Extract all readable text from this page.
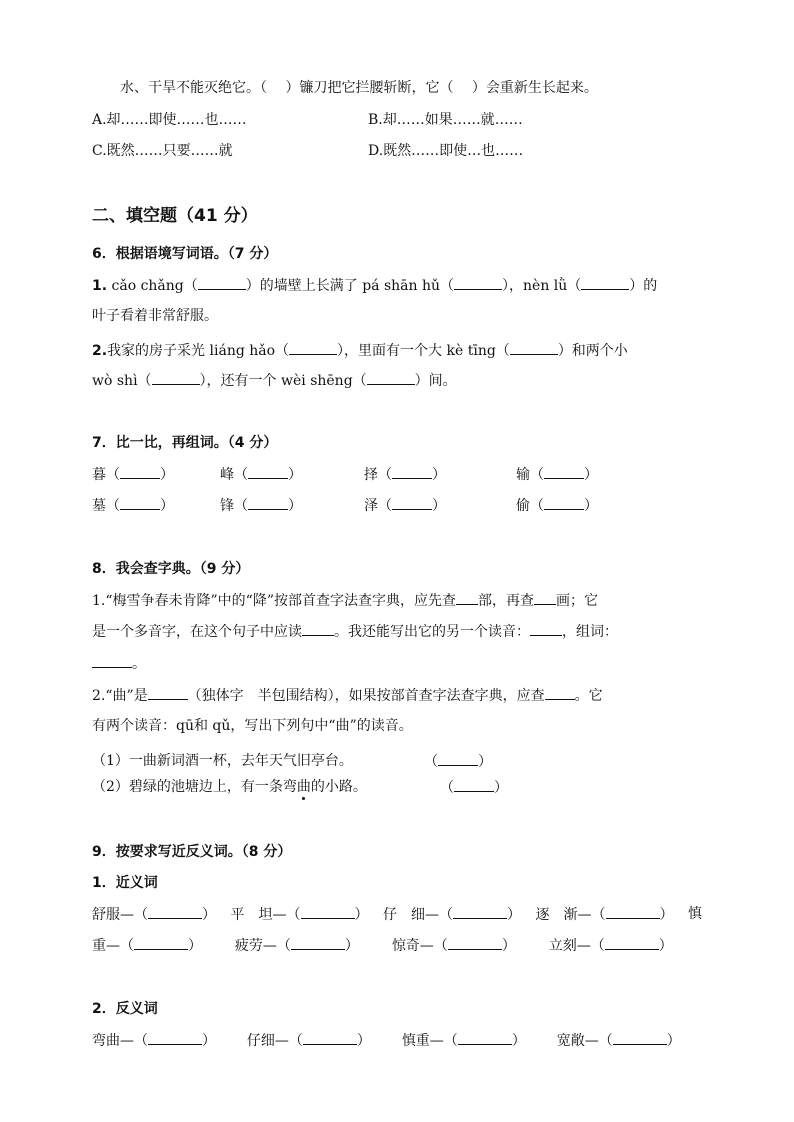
水、干旱不能灭绝它。（　 ）镰刀把它拦腰斩断，它（　 ）会重新生长起来。
A.却……即使……也……	B.却……如果……就……
C.既然……只要……就	D.既然……即使…也……
二、填空题（41 分）
6．根据语境写词语。（7 分）
1. cǎo chǎng（	）的墙壁上长满了 pá shān hǔ（	），nèn lǜ（	）的
叶子看着非常舒服。
2.我家的房子采光 liáng hǎo（	），里面有一个大 kè tīng（	）和两个小
wò shì（	），还有一个 wèi shēng（	）间。
7．比一比，再组词。（4 分）
暮（	）	峰（	）	择（	）	输（	）
墓（	）	锋（	）	泽（	）	偷（	）
8．我会查字典。（9 分）
1.“梅雪争春未肯降”中的“降”按部首查字法查字典，应先查 部，再查 画；它
是一个多音字，在这个句子中应读 。我还能写出它的另一个读音： ，组词：
。
2.“曲”是	（独体字　半包围结构），如果按部首查字法查字典，应查 。它
有两个读音：qū和 qǔ，写出下列句中“曲”的读音。
（1）一曲新词酒一杯，去年天气旧亭台。	（	）
（2）碧绿的池塘边上，有一条弯曲的小路。	（	）
9．按要求写近反义词。（8 分）
1．近义词
舒服—（	） 平　坦—（	） 仔　细—（	） 逐　渐—（	） 慎
重—（	） 疲劳—（	） 惊奇—（	） 立刻—（	）
2．反义词
弯曲—（	） 仔细—（	） 慎重—（	） 宽敞—（	）
